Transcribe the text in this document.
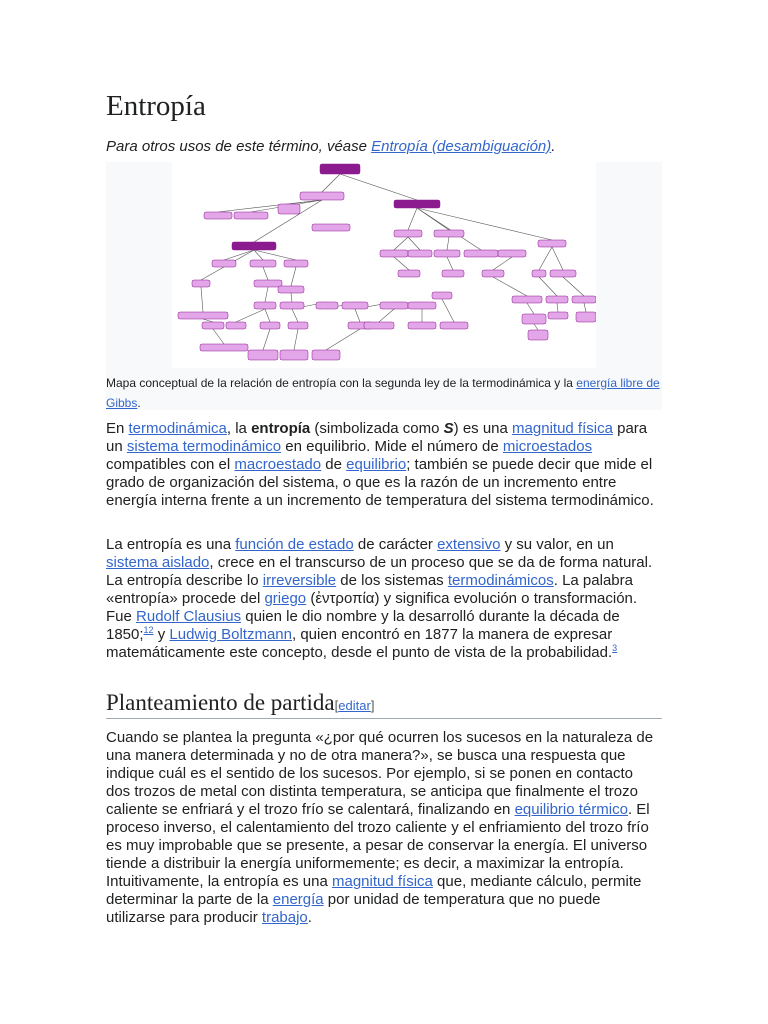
Entropía

Para otros usos de este término, véase Entropía (desambiguación).

Mapa conceptual de la relación de entropía con la segunda ley de la termodinámica y la energía libre de Gibbs.

En termodinámica, la entropía (simbolizada como S) es una magnitud física para un sistema termodinámico en equilibrio. Mide el número de microestados compatibles con el macroestado de equilibrio; también se puede decir que mide el grado de organización del sistema, o que es la razón de un incremento entre energía interna frente a un incremento de temperatura del sistema termodinámico.

La entropía es una función de estado de carácter extensivo y su valor, en un sistema aislado, crece en el transcurso de un proceso que se da de forma natural. La entropía describe lo irreversible de los sistemas termodinámicos. La palabra «entropía» procede del griego (ἐντροπία) y significa evolución o transformación. Fue Rudolf Clausius quien le dio nombre y la desarrolló durante la década de 1850;$^{12}$ y Ludwig Boltzmann, quien encontró en 1877 la manera de expresar matemáticamente este concepto, desde el punto de vista de la probabilidad.$^3$

Planteamiento de partida[editar]

Cuando se plantea la pregunta «¿por qué ocurren los sucesos en la naturaleza de una manera determinada y no de otra manera?», se busca una respuesta que indique cuál es el sentido de los sucesos. Por ejemplo, si se ponen en contacto dos trozos de metal con distinta temperatura, se anticipa que finalmente el trozo caliente se enfriará y el trozo frío se calentará, finalizando en equilibrio térmico. El proceso inverso, el calentamiento del trozo caliente y el enfriamiento del trozo frío es muy improbable que se presente, a pesar de conservar la energía. El universo tiende a distribuir la energía uniformemente; es decir, a maximizar la entropía. Intuitivamente, la entropía es una magnitud física que, mediante cálculo, permite determinar la parte de la energía por unidad de temperatura que no puede utilizarse para producir trabajo.
